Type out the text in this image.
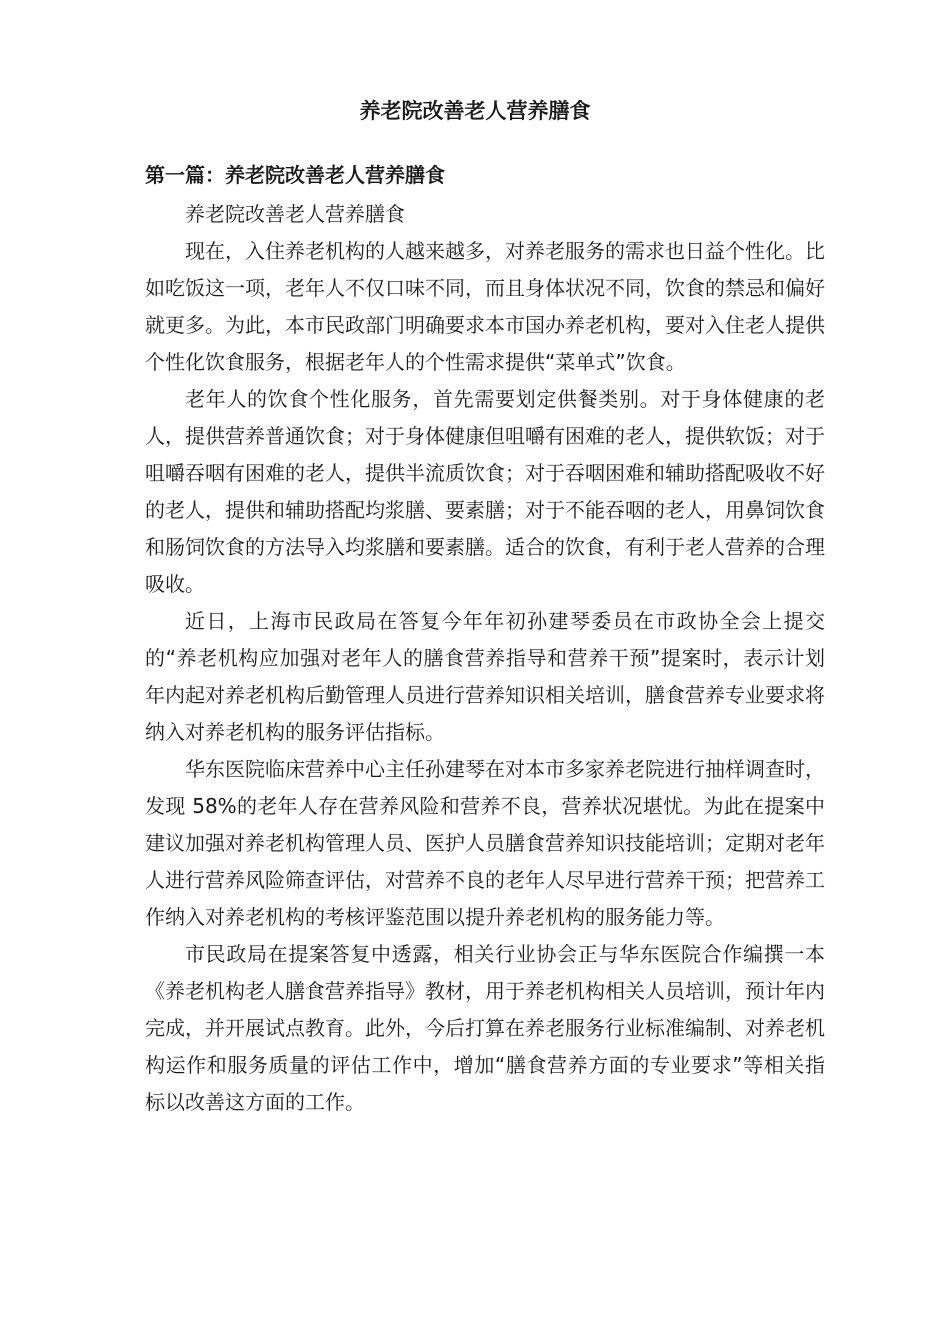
养老院改善老人营养膳食
第一篇：养老院改善老人营养膳食

养老院改善老人营养膳食

现在，入住养老机构的人越来越多，对养老服务的需求也日益个性化。比如吃饭这一项，老年人不仅口味不同，而且身体状况不同，饮食的禁忌和偏好就更多。为此，本市民政部门明确要求本市国办养老机构，要对入住老人提供个性化饮食服务，根据老年人的个性需求提供“菜单式”饮食。

老年人的饮食个性化服务，首先需要划定供餐类别。对于身体健康的老人，提供营养普通饮食；对于身体健康但咀嚼有困难的老人，提供软饭；对于咀嚼吞咽有困难的老人，提供半流质饮食；对于吞咽困难和辅助搭配吸收不好的老人，提供和辅助搭配均浆膳、要素膳；对于不能吞咽的老人，用鼻饲饮食和肠饲饮食的方法导入均浆膳和要素膳。适合的饮食，有利于老人营养的合理吸收。

近日，上海市民政局在答复今年年初孙建琴委员在市政协全会上提交的“养老机构应加强对老年人的膳食营养指导和营养干预”提案时，表示计划年内起对养老机构后勤管理人员进行营养知识相关培训，膳食营养专业要求将纳入对养老机构的服务评估指标。

华东医院临床营养中心主任孙建琴在对本市多家养老院进行抽样调查时，发现 58%的老年人存在营养风险和营养不良，营养状况堪忧。为此在提案中建议加强对养老机构管理人员、医护人员膳食营养知识技能培训；定期对老年人进行营养风险筛查评估，对营养不良的老年人尽早进行营养干预；把营养工作纳入对养老机构的考核评鉴范围以提升养老机构的服务能力等。

市民政局在提案答复中透露，相关行业协会正与华东医院合作编撰一本《养老机构老人膳食营养指导》教材，用于养老机构相关人员培训，预计年内完成，并开展试点教育。此外，今后打算在养老服务行业标准编制、对养老机构运作和服务质量的评估工作中，增加“膳食营养方面的专业要求”等相关指标以改善这方面的工作。
